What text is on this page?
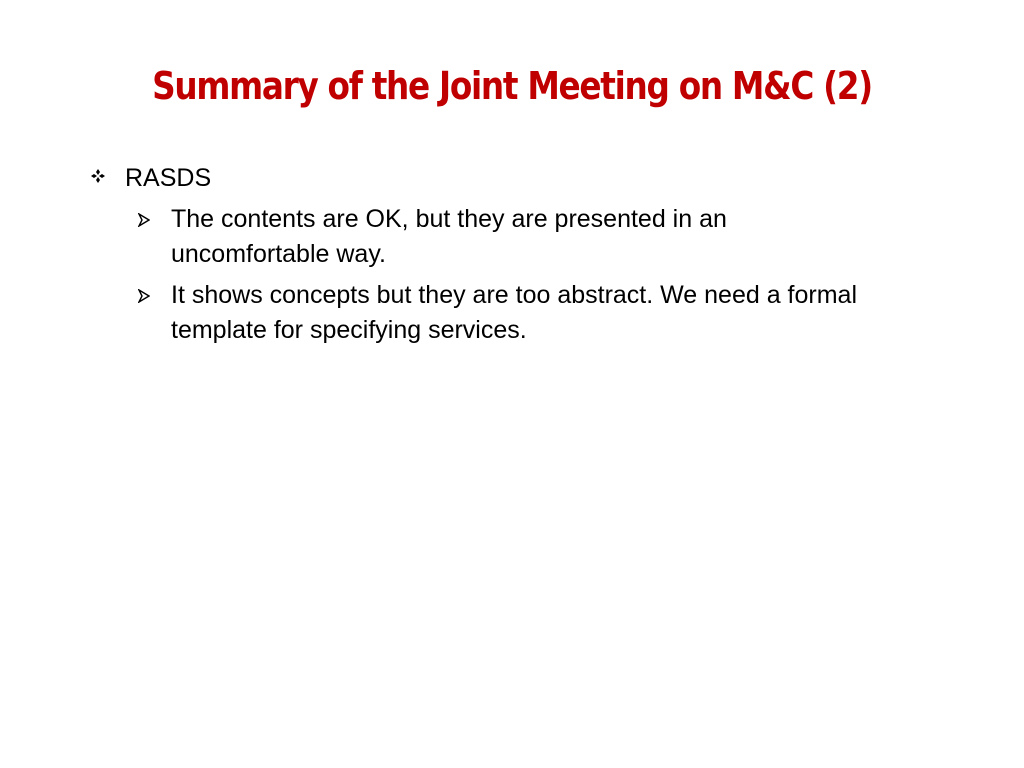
Summary of the Joint Meeting on M&C (2)
RASDS
The contents are OK, but they are presented in an uncomfortable way.
It shows concepts but they are too abstract. We need a formal template for specifying services.
